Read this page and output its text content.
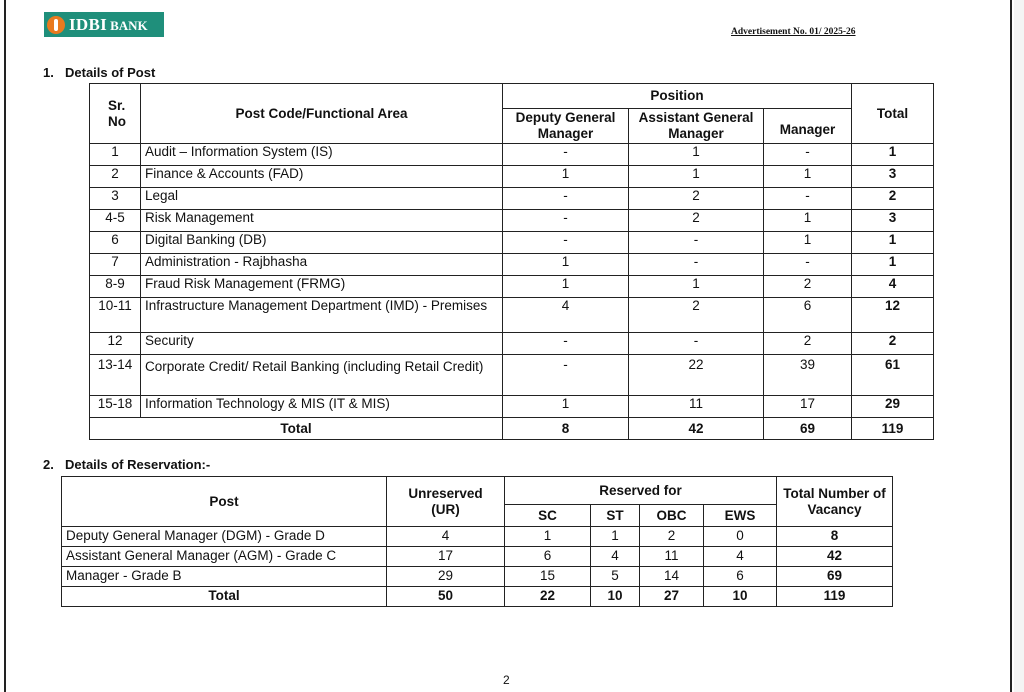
IDBI BANK	Advertisement No. 01/ 2025-26
1. Details of Post
Sr. No	Post Code/Functional Area	Position			Total
		Deputy General Manager	Assistant General Manager	Manager	
1	Audit – Information System (IS)	-	1	-	1
2	Finance & Accounts (FAD)	1	1	1	3
3	Legal	-	2	-	2
4-5	Risk Management	-	2	1	3
6	Digital Banking (DB)	-	-	1	1
7	Administration - Rajbhasha	1	-	-	1
8-9	Fraud Risk Management (FRMG)	1	1	2	4
10-11	Infrastructure Management Department (IMD) - Premises	4	2	6	12
12	Security	-	-	2	2
13-14	Corporate Credit/ Retail Banking (including Retail Credit)	-	22	39	61
15-18	Information Technology & MIS (IT & MIS)	1	11	17	29
Total		8	42	69	119
2. Details of Reservation:-
Post	Unreserved (UR)	Reserved for				Total Number of Vacancy
		SC	ST	OBC	EWS	
Deputy General Manager (DGM) - Grade D	4	1	1	2	0	8
Assistant General Manager (AGM) - Grade C	17	6	4	11	4	42
Manager - Grade B	29	15	5	14	6	69
Total	50	22	10	27	10	119
2
